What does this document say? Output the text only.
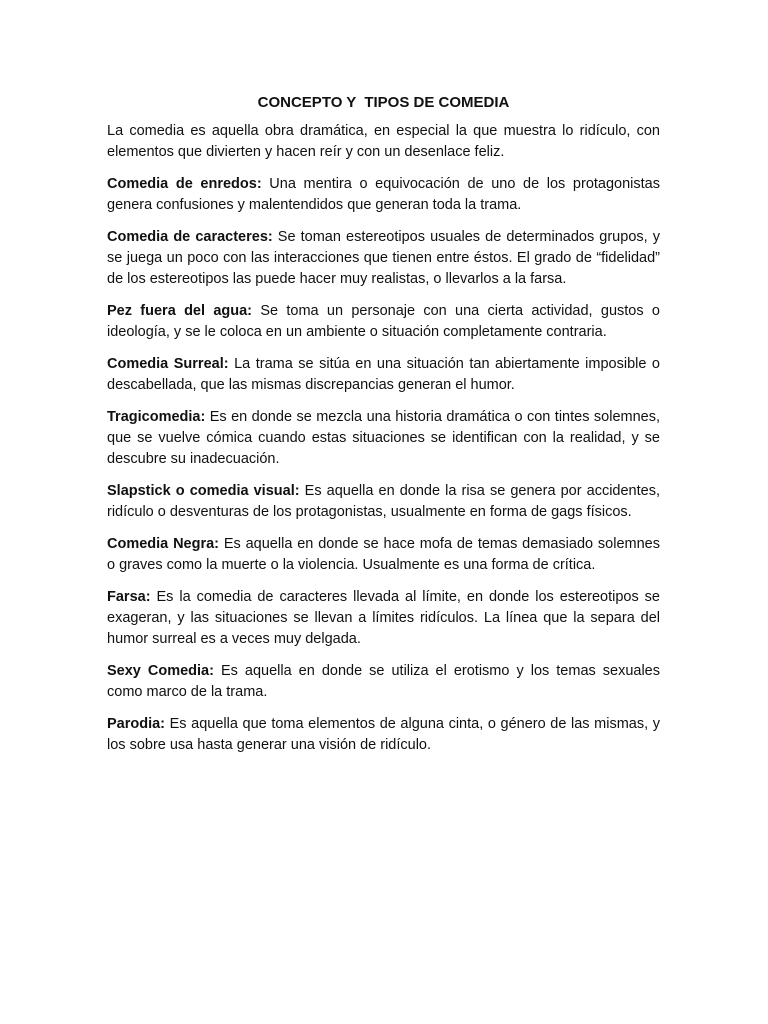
CONCEPTO Y  TIPOS DE COMEDIA

La comedia es aquella obra dramática, en especial la que muestra lo ridículo, con elementos que divierten y hacen reír y con un desenlace feliz.

Comedia de enredos: Una mentira o equivocación de uno de los protagonistas genera confusiones y malentendidos que generan toda la trama.

Comedia de caracteres: Se toman estereotipos usuales de determinados grupos, y se juega un poco con las interacciones que tienen entre éstos. El grado de “fidelidad” de los estereotipos las puede hacer muy realistas, o llevarlos a la farsa.

Pez fuera del agua: Se toma un personaje con una cierta actividad, gustos o ideología, y se le coloca en un ambiente o situación completamente contraria.

Comedia Surreal: La trama se sitúa en una situación tan abiertamente imposible o descabellada, que las mismas discrepancias generan el humor.

Tragicomedia: Es en donde se mezcla una historia dramática o con tintes solemnes, que se vuelve cómica cuando estas situaciones se identifican con la realidad, y se descubre su inadecuación.

Slapstick o comedia visual: Es aquella en donde la risa se genera por accidentes, ridículo o desventuras de los protagonistas, usualmente en forma de gags físicos.

Comedia Negra: Es aquella en donde se hace mofa de temas demasiado solemnes o graves como la muerte o la violencia. Usualmente es una forma de crítica.

Farsa: Es la comedia de caracteres llevada al límite, en donde los estereotipos se exageran, y las situaciones se llevan a límites ridículos. La línea que la separa del humor surreal es a veces muy delgada.

Sexy Comedia: Es aquella en donde se utiliza el erotismo y los temas sexuales como marco de la trama.

Parodia: Es aquella que toma elementos de alguna cinta, o género de las mismas, y los sobre usa hasta generar una visión de ridículo.
